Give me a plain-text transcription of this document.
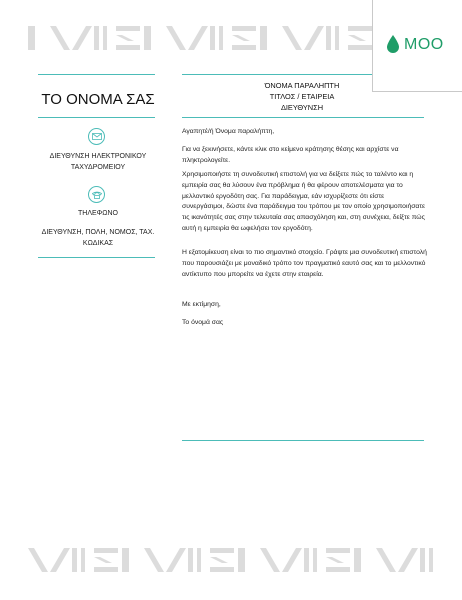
MOO
ΤΟ ΟΝΟΜΑ ΣΑΣ
ΔΙΕΥΘΥΝΣΗ ΗΛΕΚΤΡΟΝΙΚΟΥ ΤΑΧΥΔΡΟΜΕΙΟΥ
ΤΗΛΕΦΩΝΟ
ΔΙΕΥΘΥΝΣΗ, ΠΟΛΗ, ΝΟΜΟΣ, ΤΑΧ. ΚΩΔΙΚΑΣ
ΌΝΟΜΑ ΠΑΡΑΛΗΠΤΗ
ΤΙΤΛΟΣ / ΕΤΑΙΡΕΙΑ
ΔΙΕΥΘΥΝΣΗ
Αγαπητέ/ή Όνομα παραλήπτη,
Για να ξεκινήσετε, κάντε κλικ στο κείμενο κράτησης θέσης και αρχίστε να πληκτρολογείτε.
Χρησιμοποιήστε τη συνοδευτική επιστολή για να δείξετε πώς το ταλέντο και η εμπειρία σας θα λύσουν ένα πρόβλημα ή θα φέρουν αποτελέσματα για το μελλοντικό εργοδότη σας. Για παράδειγμα, εάν ισχυρίζεστε ότι είστε συνεργάσιμοι, δώστε ένα παράδειγμα του τρόπου με τον οποίο χρησιμοποιήσατε τις ικανότητές σας στην τελευταία σας απασχόληση και, στη συνέχεια, δείξτε πώς αυτή η εμπειρία θα ωφελήσει τον εργοδότη.
Η εξατομίκευση είναι το πιο σημαντικό στοιχείο. Γράψτε μια συνοδευτική επιστολή που παρουσιάζει με μοναδικό τρόπο τον πραγματικό εαυτό σας και το μελλοντικό αντίκτυπο που μπορείτε να έχετε στην εταιρεία.
Με εκτίμηση,
Το όνομά σας
